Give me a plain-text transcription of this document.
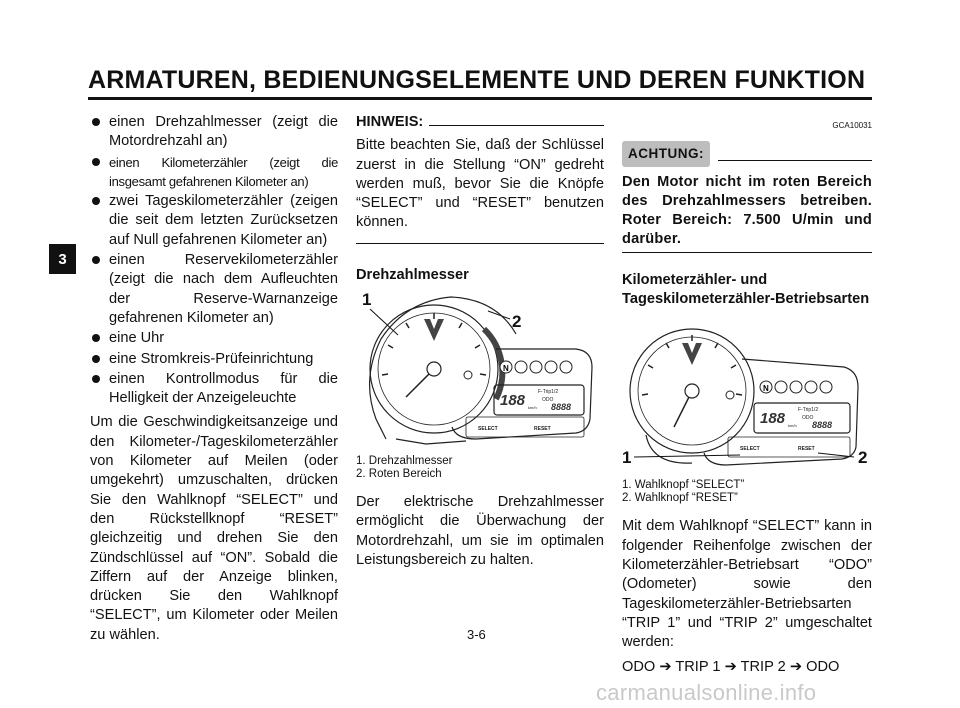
ARMATUREN, BEDIENUNGSELEMENTE UND DEREN FUNKTION
3
einen Drehzahlmesser (zeigt die Motordrehzahl an)
einen Kilometerzähler (zeigt die insgesamt gefahrenen Kilometer an)
zwei Tageskilometerzähler (zeigen die seit dem letzten Zurücksetzen auf Null gefahrenen Kilometer an)
einen Reservekilometerzähler (zeigt die nach dem Aufleuchten der Reserve-Warnanzeige gefahrenen Kilometer an)
eine Uhr
eine Stromkreis-Prüfeinrichtung
einen Kontrollmodus für die Helligkeit der Anzeigeleuchte
Um die Geschwindigkeitsanzeige und den Kilometer-/Tageskilometerzähler von Kilometer auf Meilen (oder umgekehrt) umzuschalten, drücken Sie den Wahlknopf “SELECT” und den Rückstellknopf “RESET” gleichzeitig und drehen Sie den Zündschlüssel auf “ON”. Sobald die Ziffern auf der Anzeige blinken, drücken Sie den Wahlknopf “SELECT”, um Kilometer oder Meilen zu wählen.
HINWEIS:
Bitte beachten Sie, daß der Schlüssel zuerst in die Stellung “ON” gedreht werden muß, bevor Sie die Knöpfe “SELECT” und “RESET” benutzen können.
Drehzahlmesser
N
188	F-Trip1/2
ODO
km/h 8888
SELECT	RESET
1
2
1. Drehzahlmesser
2. Roten Bereich
Der elektrische Drehzahlmesser ermöglicht die Überwachung der Motordrehzahl, um sie im optimalen Leistungsbereich zu halten.
GCA10031
ACHTUNG:
Den Motor nicht im roten Bereich des Drehzahlmessers betreiben. Roter Bereich: 7.500 U/min und darüber.
Kilometerzähler- und
Tageskilometerzähler-Betriebsarten
N
188	F-Trip1/2
ODO
km/h 8888
SELECT	RESET
1	2
1. Wahlknopf “SELECT”
2. Wahlknopf “RESET”
Mit dem Wahlknopf “SELECT” kann in folgender Reihenfolge zwischen der Kilometerzähler-Betriebsart “ODO” (Odometer) sowie den Tageskilometerzähler-Betriebsarten “TRIP 1” und “TRIP 2” umgeschaltet werden:
ODO ➔ TRIP 1 ➔ TRIP 2 ➔ ODO
3-6
carmanualsonline.info
